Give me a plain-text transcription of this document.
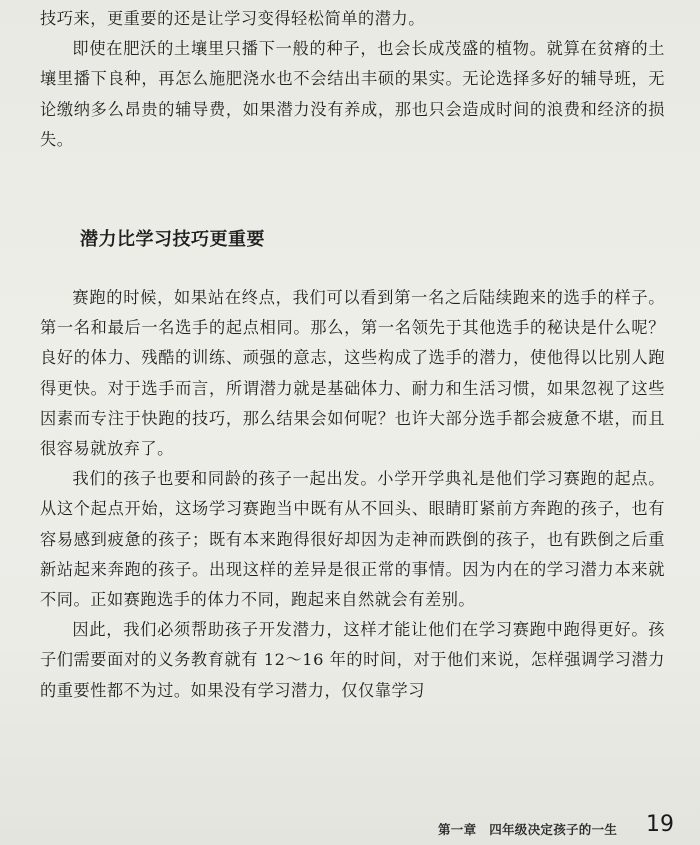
技巧来，更重要的还是让学习变得轻松简单的潜力。

即使在肥沃的土壤里只播下一般的种子，也会长成茂盛的植物。就算在贫瘠的土壤里播下良种，再怎么施肥浇水也不会结出丰硕的果实。无论选择多好的辅导班，无论缴纳多么昂贵的辅导费，如果潜力没有养成，那也只会造成时间的浪费和经济的损失。

潜力比学习技巧更重要

赛跑的时候，如果站在终点，我们可以看到第一名之后陆续跑来的选手的样子。第一名和最后一名选手的起点相同。那么，第一名领先于其他选手的秘诀是什么呢？良好的体力、残酷的训练、顽强的意志，这些构成了选手的潜力，使他得以比别人跑得更快。对于选手而言，所谓潜力就是基础体力、耐力和生活习惯，如果忽视了这些因素而专注于快跑的技巧，那么结果会如何呢？也许大部分选手都会疲惫不堪，而且很容易就放弃了。

我们的孩子也要和同龄的孩子一起出发。小学开学典礼是他们学习赛跑的起点。从这个起点开始，这场学习赛跑当中既有从不回头、眼睛盯紧前方奔跑的孩子，也有容易感到疲惫的孩子；既有本来跑得很好却因为走神而跌倒的孩子，也有跌倒之后重新站起来奔跑的孩子。出现这样的差异是很正常的事情。因为内在的学习潜力本来就不同。正如赛跑选手的体力不同，跑起来自然就会有差别。

因此，我们必须帮助孩子开发潜力，这样才能让他们在学习赛跑中跑得更好。孩子们需要面对的义务教育就有 12～16 年的时间，对于他们来说，怎样强调学习潜力的重要性都不为过。如果没有学习潜力，仅仅靠学习

第一章　四年级决定孩子的一生 19
